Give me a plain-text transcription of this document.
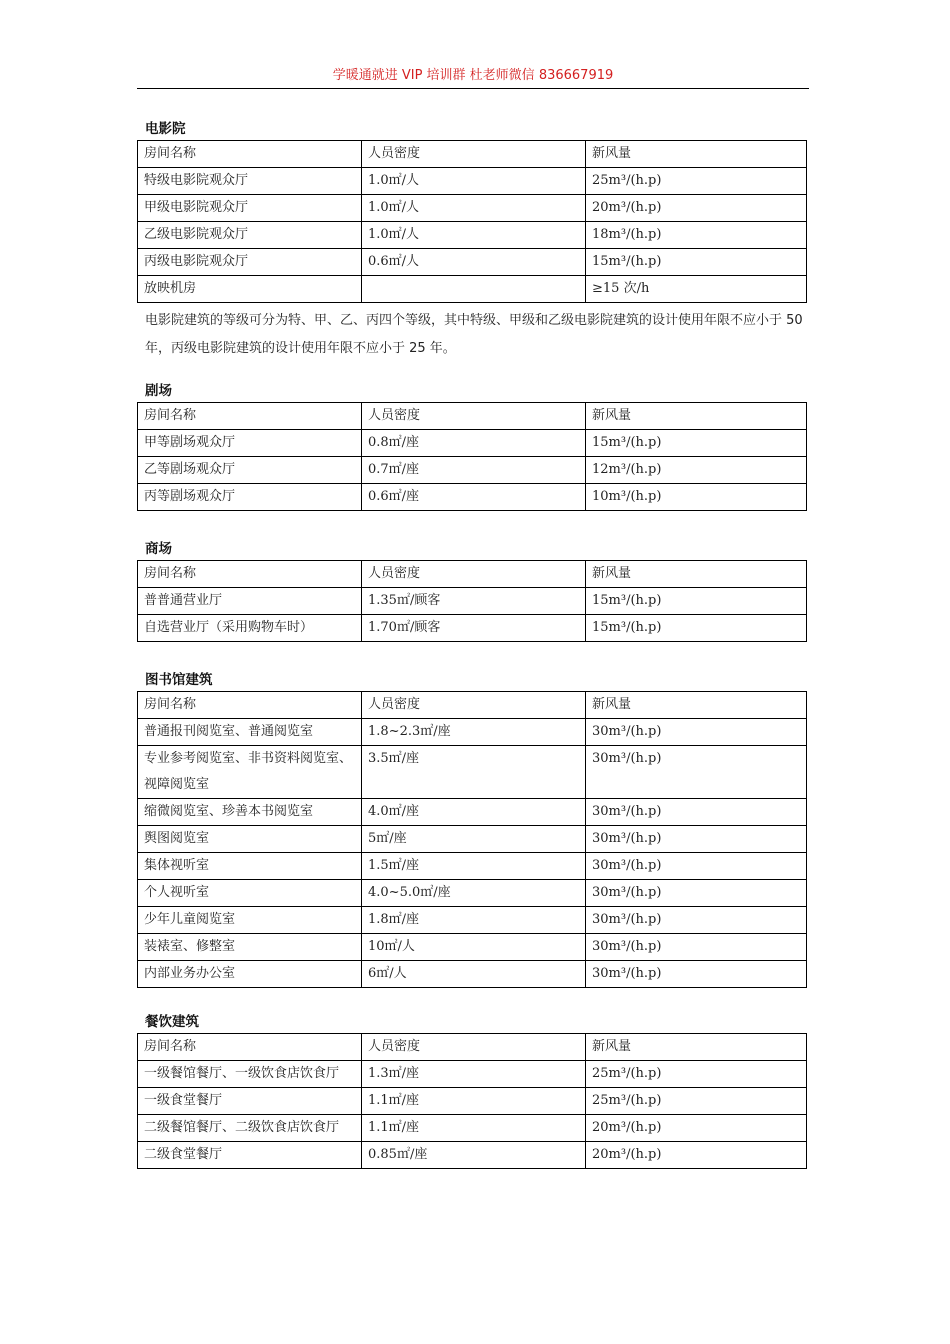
学暖通就进 VIP 培训群 杜老师微信 836667919
电影院
房间名称	人员密度	新风量
特级电影院观众厅	1.0㎡/人	25m³/(h.p)
甲级电影院观众厅	1.0㎡/人	20m³/(h.p)
乙级电影院观众厅	1.0㎡/人	18m³/(h.p)
丙级电影院观众厅	0.6㎡/人	15m³/(h.p)
放映机房		≥15 次/h
电影院建筑的等级可分为特、甲、乙、丙四个等级，其中特级、甲级和乙级电影院建筑的设计使用年限不应小于 50 年，丙级电影院建筑的设计使用年限不应小于 25 年。
剧场
房间名称	人员密度	新风量
甲等剧场观众厅	0.8㎡/座	15m³/(h.p)
乙等剧场观众厅	0.7㎡/座	12m³/(h.p)
丙等剧场观众厅	0.6㎡/座	10m³/(h.p)
商场
房间名称	人员密度	新风量
普普通营业厅	1.35㎡/顾客	15m³/(h.p)
自选营业厅（采用购物车时）	1.70㎡/顾客	15m³/(h.p)
图书馆建筑
房间名称	人员密度	新风量
普通报刊阅览室、普通阅览室	1.8~2.3㎡/座	30m³/(h.p)
专业参考阅览室、非书资料阅览室、视障阅览室	3.5㎡/座	30m³/(h.p)
缩微阅览室、珍善本书阅览室	4.0㎡/座	30m³/(h.p)
舆图阅览室	5㎡/座	30m³/(h.p)
集体视听室	1.5㎡/座	30m³/(h.p)
个人视听室	4.0~5.0㎡/座	30m³/(h.p)
少年儿童阅览室	1.8㎡/座	30m³/(h.p)
装裱室、修整室	10㎡/人	30m³/(h.p)
内部业务办公室	6㎡/人	30m³/(h.p)
餐饮建筑
房间名称	人员密度	新风量
一级餐馆餐厅、一级饮食店饮食厅	1.3㎡/座	25m³/(h.p)
一级食堂餐厅	1.1㎡/座	25m³/(h.p)
二级餐馆餐厅、二级饮食店饮食厅	1.1㎡/座	20m³/(h.p)
二级食堂餐厅	0.85㎡/座	20m³/(h.p)
